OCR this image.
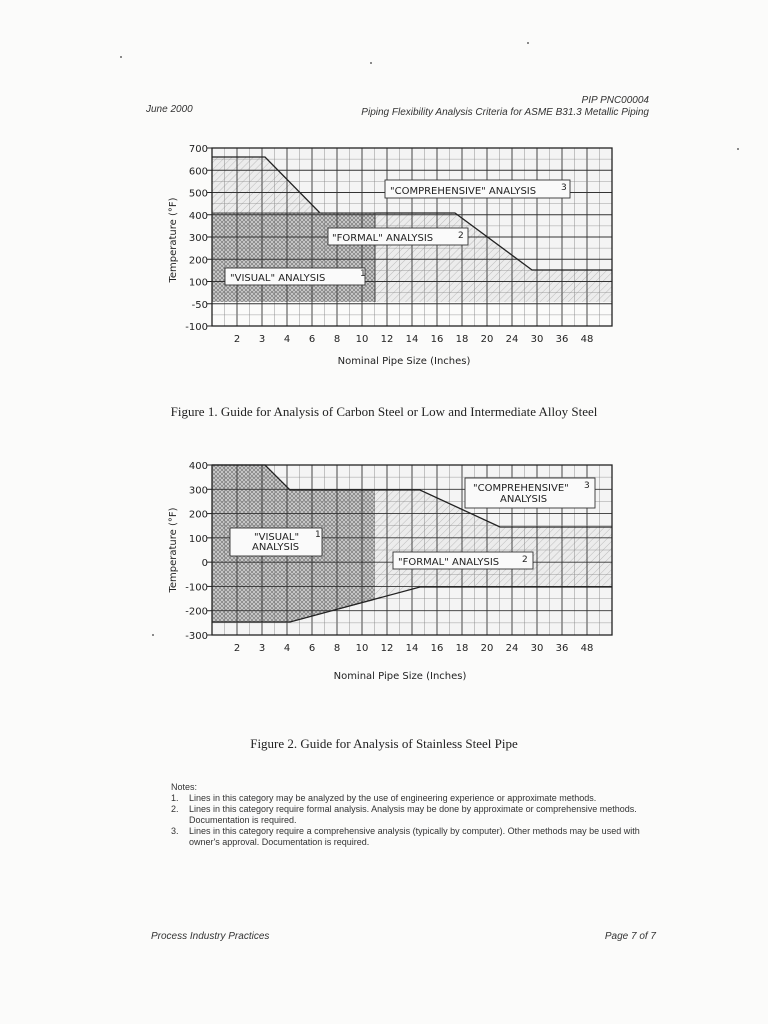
June 2000
PIP PNC00004
Piping Flexibility Analysis Criteria for ASME B31.3 Metallic Piping
"COMPREHENSIVE" ANALYSIS	3
"FORMAL" ANALYSIS	2
"VISUAL" ANALYSIS	1
700
600
500
400
300
200
100
-50
-100
2 3 4 6 8 10 12 14 16 18 20 24 30 36 48
Temperature (°F)
Nominal Pipe Size (Inches)
"COMPREHENSIVE"
ANALYSIS
3
"VISUAL"
ANALYSIS
1
"FORMAL" ANALYSIS	2
400
300
200
100
0
-100
-200
-300
2 3 4 6 8 10 12 14 16 18 20 24 30 36 48
Temperature (°F)
Nominal Pipe Size (Inches)
Figure 1. Guide for Analysis of Carbon Steel or Low and Intermediate Alloy Steel
Figure 2. Guide for Analysis of Stainless Steel Pipe
Notes:
1.	Lines in this category may be analyzed by the use of engineering experience or approximate methods.
2.	Lines in this category require formal analysis. Analysis may be done by approximate or comprehensive methods. Documentation is required.
3.	Lines in this category require a comprehensive analysis (typically by computer). Other methods may be used with owner's approval. Documentation is required.
Process Industry Practices	Page 7 of 7
